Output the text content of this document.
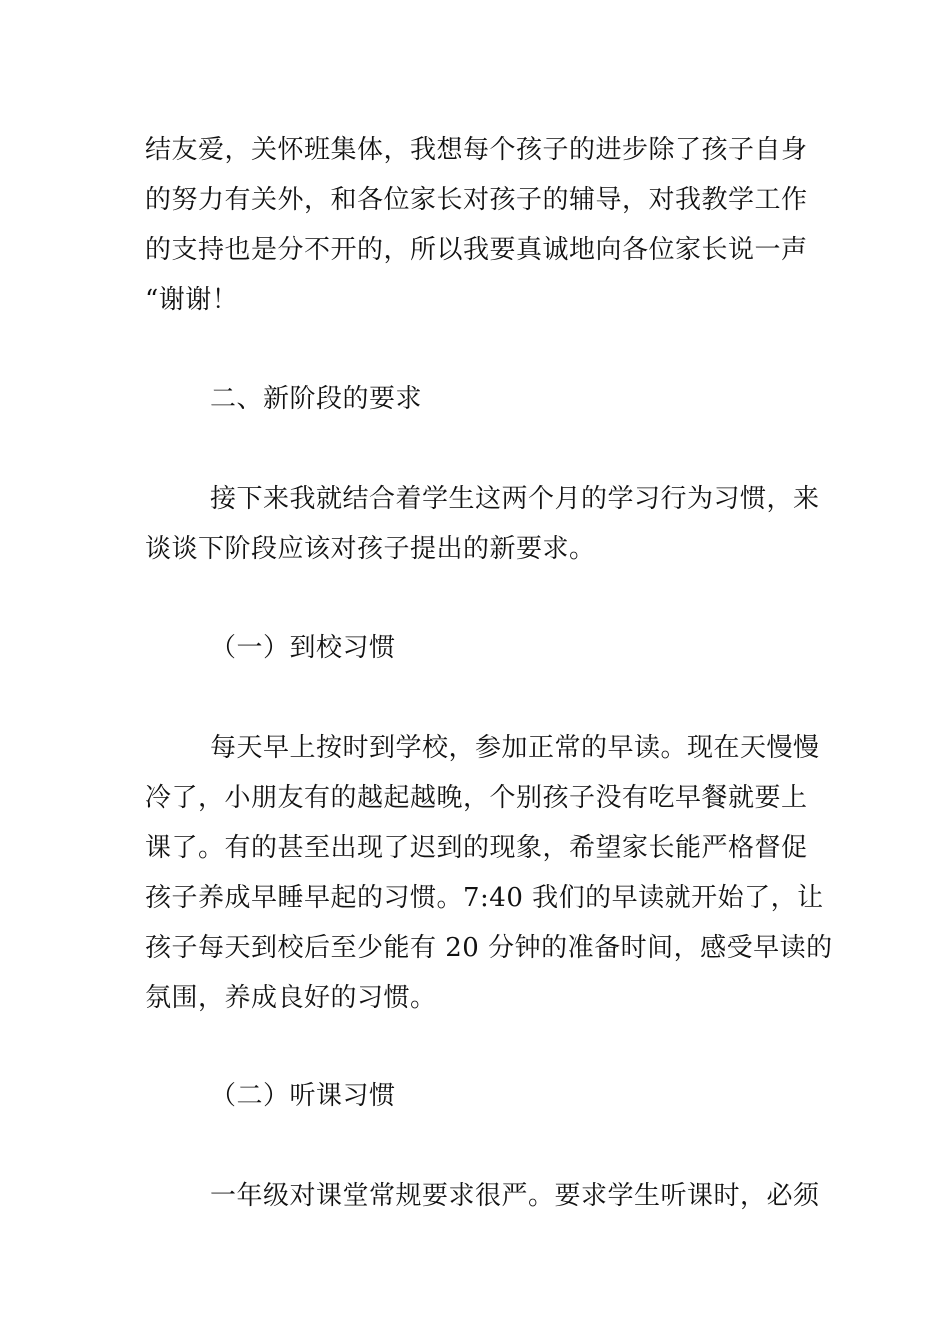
结友爱，关怀班集体，我想每个孩子的进步除了孩子自身
的努力有关外，和各位家长对孩子的辅导，对我教学工作
的支持也是分不开的，所以我要真诚地向各位家长说一声
“谢谢！
二、新阶段的要求
接下来我就结合着学生这两个月的学习行为习惯，来
谈谈下阶段应该对孩子提出的新要求。
（一）到校习惯
每天早上按时到学校，参加正常的早读。现在天慢慢
冷了，小朋友有的越起越晚，个别孩子没有吃早餐就要上
课了。有的甚至出现了迟到的现象，希望家长能严格督促
孩子养成早睡早起的习惯。7:40 我们的早读就开始了，让
孩子每天到校后至少能有 20 分钟的准备时间，感受早读的
氛围，养成良好的习惯。
（二）听课习惯
一年级对课堂常规要求很严。要求学生听课时，必须
